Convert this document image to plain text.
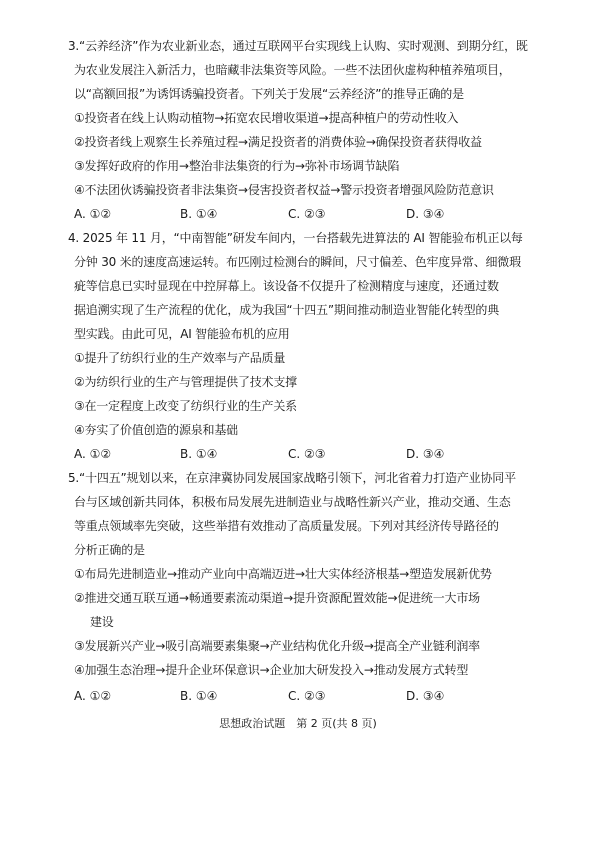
3.“云养经济”作为农业新业态，通过互联网平台实现线上认购、实时观测、到期分红，既
为农业发展注入新活力，也暗藏非法集资等风险。一些不法团伙虚构种植养殖项目，
以“高额回报”为诱饵诱骗投资者。下列关于发展“云养经济”的推导正确的是
①投资者在线上认购动植物→拓宽农民增收渠道→提高种植户的劳动性收入
②投资者线上观察生长养殖过程→满足投资者的消费体验→确保投资者获得收益
③发挥好政府的作用→整治非法集资的行为→弥补市场调节缺陷
④不法团伙诱骗投资者非法集资→侵害投资者权益→警示投资者增强风险防范意识
A. ①②	B. ①④	C. ②③	D. ③④
4. 2025 年 11 月，“中南智能”研发车间内，一台搭载先进算法的 AI 智能验布机正以每
分钟 30 米的速度高速运转。布匹刚过检测台的瞬间，尺寸偏差、色牢度异常、细微瑕
疵等信息已实时显现在中控屏幕上。该设备不仅提升了检测精度与速度，还通过数
据追溯实现了生产流程的优化，成为我国“十四五”期间推动制造业智能化转型的典
型实践。由此可见，AI 智能验布机的应用
①提升了纺织行业的生产效率与产品质量
②为纺织行业的生产与管理提供了技术支撑
③在一定程度上改变了纺织行业的生产关系
④夯实了价值创造的源泉和基础
A. ①②	B. ①④	C. ②③	D. ③④
5.“十四五”规划以来，在京津冀协同发展国家战略引领下，河北省着力打造产业协同平
台与区域创新共同体，积极布局发展先进制造业与战略性新兴产业，推动交通、生态
等重点领域率先突破，这些举措有效推动了高质量发展。下列对其经济传导路径的
分析正确的是
①布局先进制造业→推动产业向中高端迈进→壮大实体经济根基→塑造发展新优势
②推进交通互联互通→畅通要素流动渠道→提升资源配置效能→促进统一大市场
建设
③发展新兴产业→吸引高端要素集聚→产业结构优化升级→提高全产业链利润率
④加强生态治理→提升企业环保意识→企业加大研发投入→推动发展方式转型
A. ①②	B. ①④	C. ②③	D. ③④
思想政治试题　第 2 页(共 8 页)
